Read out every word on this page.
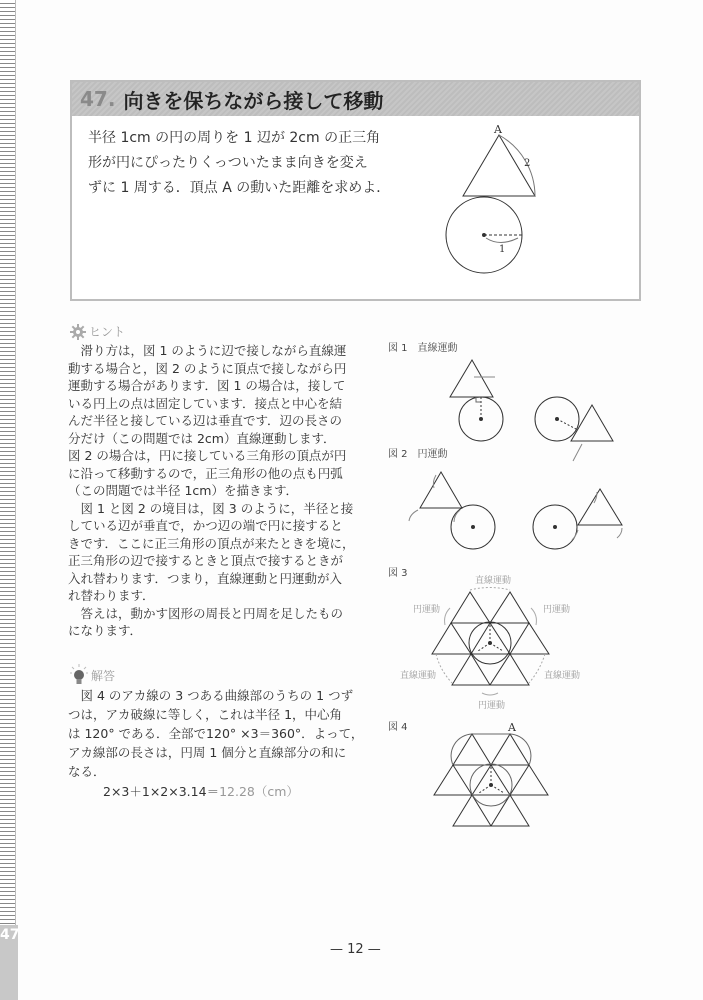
47
47. 向きを保ちながら接して移動
半径 1cm の円の周りを 1 辺が 2cm の正三角
形が円にぴったりくっついたまま向きを変え
ずに 1 周する．頂点 A の動いた距離を求めよ．
ヒント
　滑り方は，図 1 のように辺で接しながら直線運
動する場合と，図 2 のように頂点で接しながら円
運動する場合があります．図 1 の場合は，接して
いる円上の点は固定しています．接点と中心を結
んだ半径と接している辺は垂直です．辺の長さの
分だけ（この問題では 2cm）直線運動します．
図 2 の場合は，円に接している三角形の頂点が円
に沿って移動するので，正三角形の他の点も円弧
（この問題では半径 1cm）を描きます．
　図 1 と図 2 の境目は，図 3 のように，半径と接
している辺が垂直で，かつ辺の端で円に接すると
きです．ここに正三角形の頂点が来たときを境に，
正三角形の辺で接するときと頂点で接するときが
入れ替わります．つまり，直線運動と円運動が入
れ替わります．
　答えは，動かす図形の周長と円周を足したもの
になります．
解答
　図 4 のアカ線の 3 つある曲線部のうちの 1 つず
つは，アカ破線に等しく，これは半径 1，中心角
は 120° である．全部で120° ×3＝360°．よって，
アカ線部の長さは，円周 1 個分と直線部分の和に
なる．
2×3＋1×2×3.14＝12.28（cm）
図 1　直線運動
図 2　円運動
図 3
図 4
A
2
1
直線運動
円運動	円運動
直線運動	直線運動
円運動
A
— 12 —
